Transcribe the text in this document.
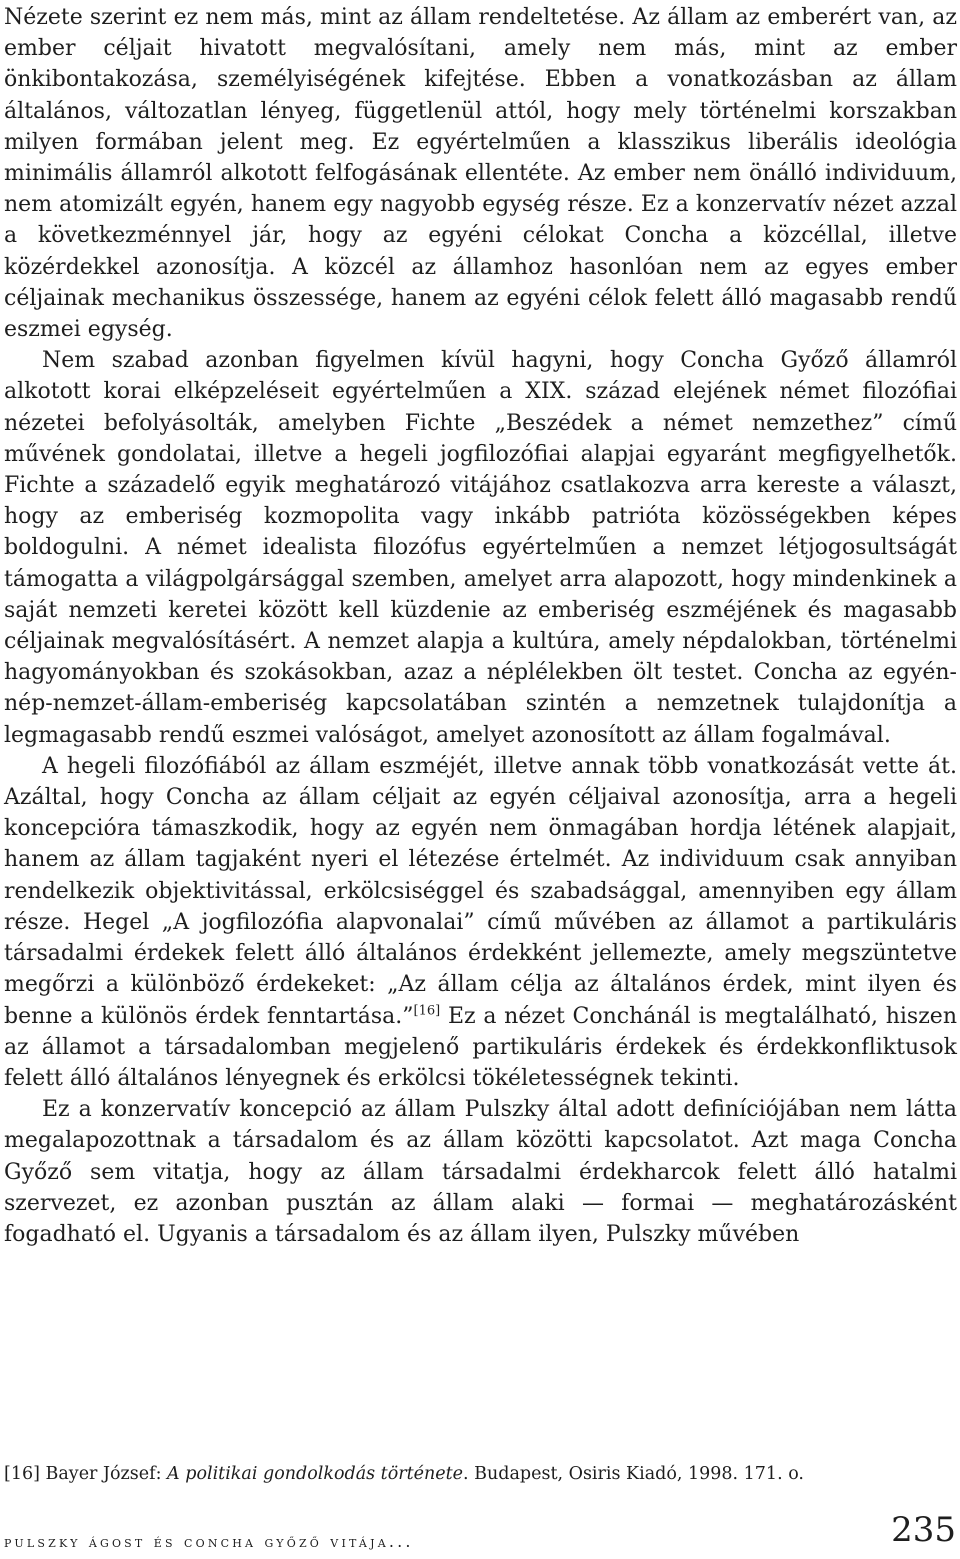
Nézete szerint ez nem más, mint az állam rendeltetése. Az állam az emberért van, az ember céljait hivatott megvalósítani, amely nem más, mint az ember önkibontakozása, személyiségének kifejtése. Ebben a vonatkozásban az állam általános, változatlan lényeg, függetlenül attól, hogy mely történelmi korszakban milyen formában jelent meg. Ez egyértelműen a klasszikus liberális ideológia minimális államról alkotott felfogásának ellentéte. Az ember nem önálló individuum, nem atomizált egyén, hanem egy nagyobb egység része. Ez a konzervatív nézet azzal a következménnyel jár, hogy az egyéni célokat Concha a közcéllal, illetve közérdekkel azonosítja. A közcél az államhoz hasonlóan nem az egyes ember céljainak mechanikus összessége, hanem az egyéni célok felett álló magasabb rendű eszmei egység.

Nem szabad azonban figyelmen kívül hagyni, hogy Concha Győző államról alkotott korai elképzeléseit egyértelműen a XIX. század elejének német filozófiai nézetei befolyásolták, amelyben Fichte „Beszédek a német nemzethez” című művének gondolatai, illetve a hegeli jogfilozófiai alapjai egyaránt megfigyelhetők. Fichte a századelő egyik meghatározó vitájához csatlakozva arra kereste a választ, hogy az emberiség kozmopolita vagy inkább patrióta közösségekben képes boldogulni. A német idealista filozófus egyértelműen a nemzet létjogosultságát támogatta a világpolgársággal szemben, amelyet arra alapozott, hogy mindenkinek a saját nemzeti keretei között kell küzdenie az emberiség eszméjének és magasabb céljainak megvalósításért. A nemzet alapja a kultúra, amely népdalokban, történelmi hagyományokban és szokásokban, azaz a néplélekben ölt testet. Concha az egyén-nép-nemzet-állam-emberiség kapcsolatában szintén a nemzetnek tulajdonítja a legmagasabb rendű eszmei valóságot, amelyet azonosított az állam fogalmával.

A hegeli filozófiából az állam eszméjét, illetve annak több vonatkozását vette át. Azáltal, hogy Concha az állam céljait az egyén céljaival azonosítja, arra a hegeli koncepcióra támaszkodik, hogy az egyén nem önmagában hordja létének alapjait, hanem az állam tagjaként nyeri el létezése értelmét. Az individuum csak annyiban rendelkezik objektivitással, erkölcsiséggel és szabadsággal, amennyiben egy állam része. Hegel „A jogfilozófia alapvonalai” című művében az államot a partikuláris társadalmi érdekek felett álló általános érdekként jellemezte, amely megszüntetve megőrzi a különböző érdekeket: „Az állam célja az általános érdek, mint ilyen és benne a különös érdek fenntartása.”[16] Ez a nézet Conchánál is megtalálható, hiszen az államot a társadalomban megjelenő partikuláris érdekek és érdekkonfliktusok felett álló általános lényegnek és erkölcsi tökéletességnek tekinti.

Ez a konzervatív koncepció az állam Pulszky által adott definíciójában nem látta megalapozottnak a társadalom és az állam közötti kapcsolatot. Azt maga Concha Győző sem vitatja, hogy az állam társadalmi érdekharcok felett álló hatalmi szervezet, ez azonban pusztán az állam alaki — formai — meghatározásként fogadható el. Ugyanis a társadalom és az állam ilyen, Pulszky művében

[16] Bayer József: A politikai gondolkodás története. Budapest, Osiris Kiadó, 1998. 171. o.
pulszky ágost és concha győző vitája...	235
